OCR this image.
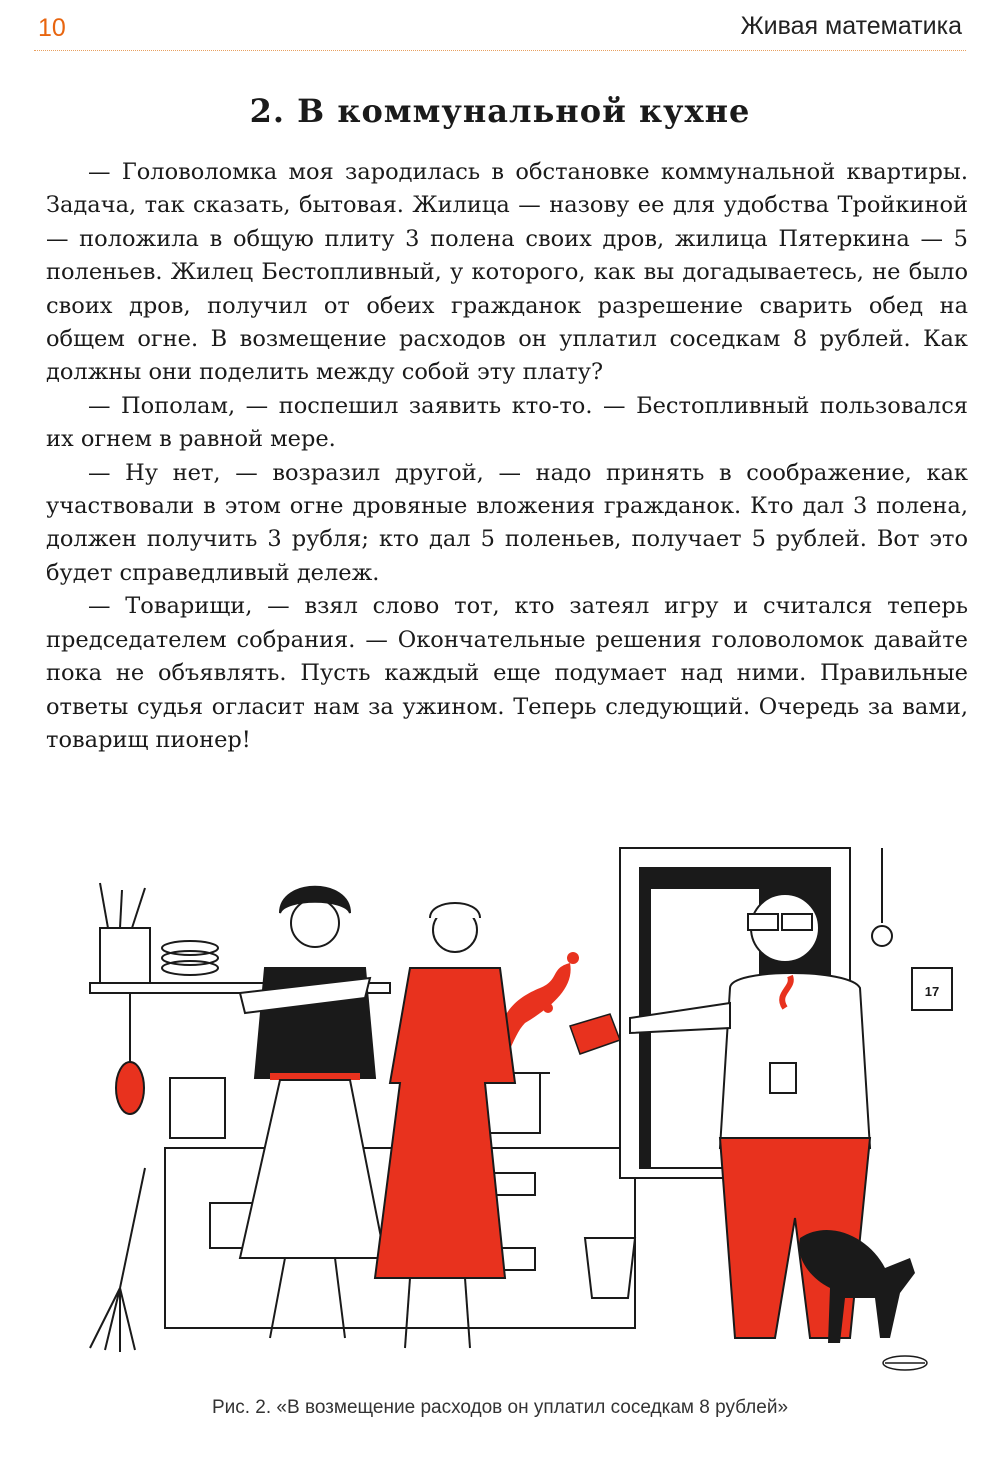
10	Живая математика
2. В коммунальной кухне

— Головоломка моя зародилась в обстановке коммунальной квартиры. Задача, так сказать, бытовая. Жилица — назову ее для удобства Тройкиной — положила в общую плиту 3 полена своих дров, жилица Пятеркина — 5 поленьев. Жилец Бестопливный, у которого, как вы догадываетесь, не было своих дров, получил от обеих гражданок разрешение сварить обед на общем огне. В возмещение расходов он уплатил соседкам 8 рублей. Как должны они поделить между собой эту плату?

— Пополам, — поспешил заявить кто-то. — Бестопливный пользовался их огнем в равной мере.

— Ну нет, — возразил другой, — надо принять в соображение, как участвовали в этом огне дровяные вложения гражданок. Кто дал 3 полена, должен получить 3 рубля; кто дал 5 поленьев, получает 5 рублей. Вот это будет справедливый дележ.

— Товарищи, — взял слово тот, кто затеял игру и считался теперь председателем собрания. — Окончательные решения головоломок давайте пока не объявлять. Пусть каждый еще подумает над ними. Правильные ответы судья огласит нам за ужином. Теперь следующий. Очередь за вами, товарищ пионер!

17
Рис. 2. «В возмещение расходов он уплатил соседкам 8 рублей»
